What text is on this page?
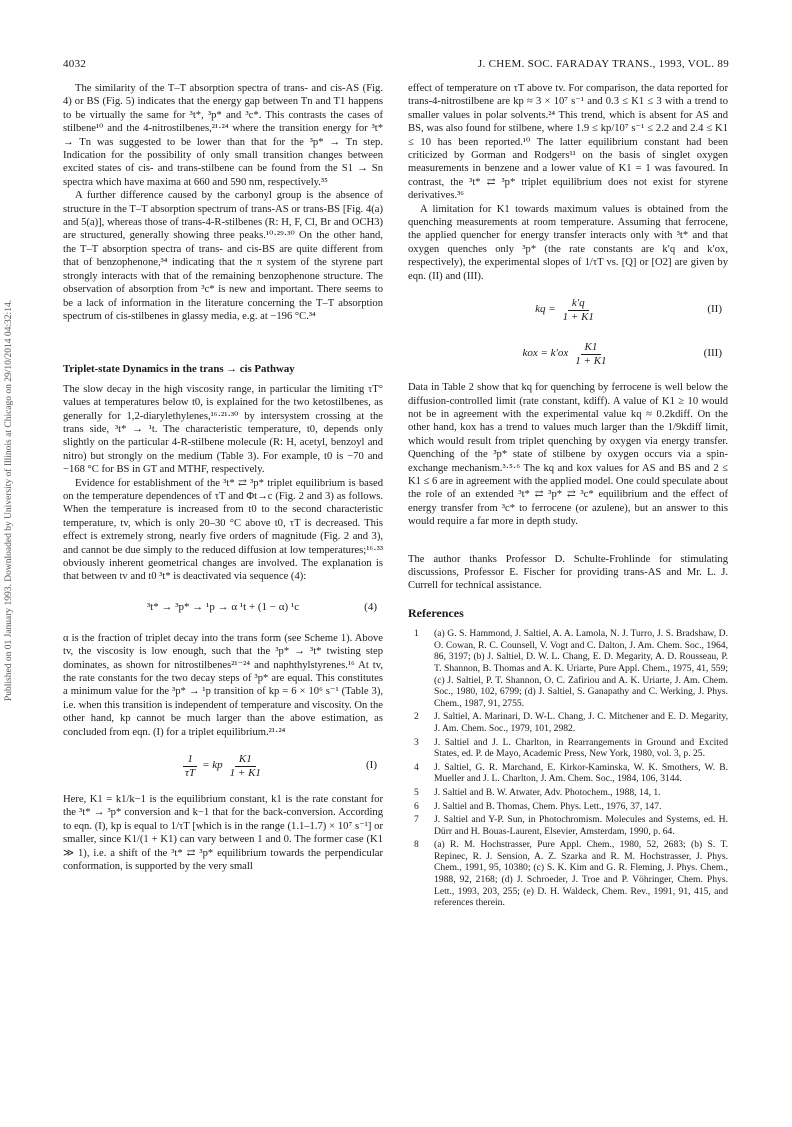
Published on 01 January 1993. Downloaded by University of Illinois at Chicago on 29/10/2014 04:32:14.
4032	J. CHEM. SOC. FARADAY TRANS., 1993, VOL. 89

The similarity of the T–T absorption spectra of trans- and cis-AS (Fig. 4) or BS (Fig. 5) indicates that the energy gap between Tn and T1 happens to be virtually the same for ³t*, ³p* and ³c*. This contrasts the cases of stilbene¹⁰ and the 4-nitrostilbenes,²¹·²⁴ where the transition energy for ³t* → Tn was suggested to be lower than that for the ³p* → Tn step. Indication for the possibility of only small transition changes between excited states of cis- and trans-stilbene can be found from the S1 → Sn spectra which have maxima at 660 and 590 nm, respectively.³⁵

A further difference caused by the carbonyl group is the absence of structure in the T–T absorption spectrum of trans-AS or trans-BS [Fig. 4(a) and 5(a)], whereas those of trans-4-R-stilbenes (R: H, F, Cl, Br and OCH3) are structured, generally showing three peaks.¹⁰·²⁹·³⁰ On the other hand, the T–T absorption spectra of trans- and cis-BS are quite different from that of benzophenone,³⁴ indicating that the π system of the styrene part strongly interacts with that of the remaining benzophenone structure. The observation of absorption from ³c* is new and important. There seems to be a lack of information in the literature concerning the T–T absorption spectrum of cis-stilbenes in glassy media, e.g. at −196 °C.³⁴

Triplet-state Dynamics in the trans → cis Pathway

The slow decay in the high viscosity range, in particular the limiting τT° values at temperatures below t0, is explained for the two ketostilbenes, as generally for 1,2-diarylethylenes,¹⁶·²¹·³⁰ by intersystem crossing at the trans side, ³t* → ¹t. The characteristic temperature, t0, depends only slightly on the particular 4-R-stilbene molecule (R: H, acetyl, benzoyl and nitro) but strongly on the medium (Table 3). For example, t0 is −70 and −168 °C for BS in GT and MTHF, respectively.

Evidence for establishment of the ³t* ⇄ ³p* triplet equilibrium is based on the temperature dependences of τT and Φt→c (Fig. 2 and 3) as follows. When the temperature is increased from t0 to the second characteristic temperature, tv, which is only 20–30 °C above t0, τT is decreased. This effect is extremely strong, nearly five orders of magnitude (Fig. 2 and 3), and cannot be due simply to the reduced diffusion at low temperatures;¹⁶·³³ obviously inherent geometrical changes are involved. The explanation is that between tv and t0 ³t* is deactivated via sequence (4):

³t* → ³p* → ¹p → α ¹t + (1 − α) ¹c	(4)

α is the fraction of triplet decay into the trans form (see Scheme 1). Above tv, the viscosity is low enough, such that the ³p* → ³t* twisting step dominates, as shown for nitrostilbenes²¹⁻²⁴ and naphthylstyrenes.¹⁶ At tv, the rate constants for the two decay steps of ³p* are equal. This constitutes a minimum value for the ³p* → ¹p transition of kp = 6 × 10⁶ s⁻¹ (Table 3), i.e. when this transition is independent of temperature and viscosity. On the other hand, kp cannot be much larger than the above estimation, as concluded from eqn. (I) for a triplet equilibrium.²¹·²⁴

$\frac{1}{\tau T}$ = kp $\frac{K1}{1 + K1}$	(I)

Here, K1 = k1/k−1 is the equilibrium constant, k1 is the rate constant for the ³t* → ³p* conversion and k−1 that for the back-conversion. According to eqn. (I), kp is equal to 1/τT [which is in the range (1.1–1.7) × 10⁷ s⁻¹] or smaller, since K1/(1 + K1) can vary between 1 and 0. The former case (K1 ≫ 1), i.e. a shift of the ³t* ⇄ ³p* equilibrium towards the perpendicular conformation, is supported by the very small

effect of temperature on τT above tv. For comparison, the data reported for trans-4-nitrostilbene are kp ≈ 3 × 10⁷ s⁻¹ and 0.3 ≤ K1 ≤ 3 with a trend to smaller values in polar solvents.²⁴ This trend, which is absent for AS and BS, was also found for stilbene, where 1.9 ≤ kp/10⁷ s⁻¹ ≤ 2.2 and 2.4 ≤ K1 ≤ 10 has been reported.¹⁰ The latter equilibrium constant had been criticized by Gorman and Rodgers¹¹ on the basis of singlet oxygen measurements in benzene and a lower value of K1 = 1 was favoured. In contrast, the ³t* ⇄ ³p* triplet equilibrium does not exist for styrene derivatives.³⁶

A limitation for K1 towards maximum values is obtained from the quenching measurements at room temperature. Assuming that ferrocene, the applied quencher for energy transfer interacts only with ³t* and that oxygen quenches only ³p* (the rate constants are k′q and k′ox, respectively), the experimental slopes of 1/τT vs. [Q] or [O2] are given by eqn. (II) and (III).

kq = $\frac{k'q}{1 + K1}$	(II)
kox = $k'ox \frac{K1}{1 + K1}$	(III)

Data in Table 2 show that kq for quenching by ferrocene is well below the diffusion-controlled limit (rate constant, kdiff). A value of K1 ≥ 10 would not be in agreement with the experimental value kq ≈ 0.2kdiff. On the other hand, kox has a trend to values much larger than the 1/9kdiff limit, which would result from triplet quenching by oxygen via energy transfer. Quenching of the ³p* state of stilbene by oxygen occurs via a spin-exchange mechanism.³·⁵·⁶ The kq and kox values for AS and BS and 2 ≤ K1 ≤ 6 are in agreement with the applied model. One could speculate about the role of an extended ³t* ⇄ ³p* ⇄ ³c* equilibrium and the effect of energy transfer from ³c* to ferrocene (or azulene), but an answer to this would require a far more in depth study.

The author thanks Professor D. Schulte-Frohlinde for stimulating discussions, Professor E. Fischer for providing trans-AS and Mr. L. J. Currell for technical assistance.

References
1	(a) G. S. Hammond, J. Saltiel, A. A. Lamola, N. J. Turro, J. S. Bradshaw, D. O. Cowan, R. C. Counsell, V. Vogt and C. Dalton, J. Am. Chem. Soc., 1964, 86, 3197; (b) J. Saltiel, D. W. L. Chang, E. D. Megarity, A. D. Rousseau, P. T. Shannon, B. Thomas and A. K. Uriarte, Pure Appl. Chem., 1975, 41, 559; (c) J. Saltiel, P. T. Shannon, O. C. Zafiriou and A. K. Uriarte, J. Am. Chem. Soc., 1980, 102, 6799; (d) J. Saltiel, S. Ganapathy and C. Werking, J. Phys. Chem., 1987, 91, 2755.
2	J. Saltiel, A. Marinari, D. W-L. Chang, J. C. Mitchener and E. D. Megarity, J. Am. Chem. Soc., 1979, 101, 2982.
3	J. Saltiel and J. L. Charlton, in Rearrangements in Ground and Excited States, ed. P. de Mayo, Academic Press, New York, 1980, vol. 3, p. 25.
4	J. Saltiel, G. R. Marchand, E. Kirkor-Kaminska, W. K. Smothers, W. B. Mueller and J. L. Charlton, J. Am. Chem. Soc., 1984, 106, 3144.
5	J. Saltiel and B. W. Atwater, Adv. Photochem., 1988, 14, 1.
6	J. Saltiel and B. Thomas, Chem. Phys. Lett., 1976, 37, 147.
7	J. Saltiel and Y-P. Sun, in Photochromism. Molecules and Systems, ed. H. Dürr and H. Bouas-Laurent, Elsevier, Amsterdam, 1990, p. 64.
8	(a) R. M. Hochstrasser, Pure Appl. Chem., 1980, 52, 2683; (b) S. T. Repinec, R. J. Sension, A. Z. Szarka and R. M. Hochstrasser, J. Phys. Chem., 1991, 95, 10380; (c) S. K. Kim and G. R. Fleming, J. Phys. Chem., 1988, 92, 2168; (d) J. Schroeder, J. Troe and P. Vöhringer, Chem. Phys. Lett., 1993, 203, 255; (e) D. H. Waldeck, Chem. Rev., 1991, 91, 415, and references therein.
